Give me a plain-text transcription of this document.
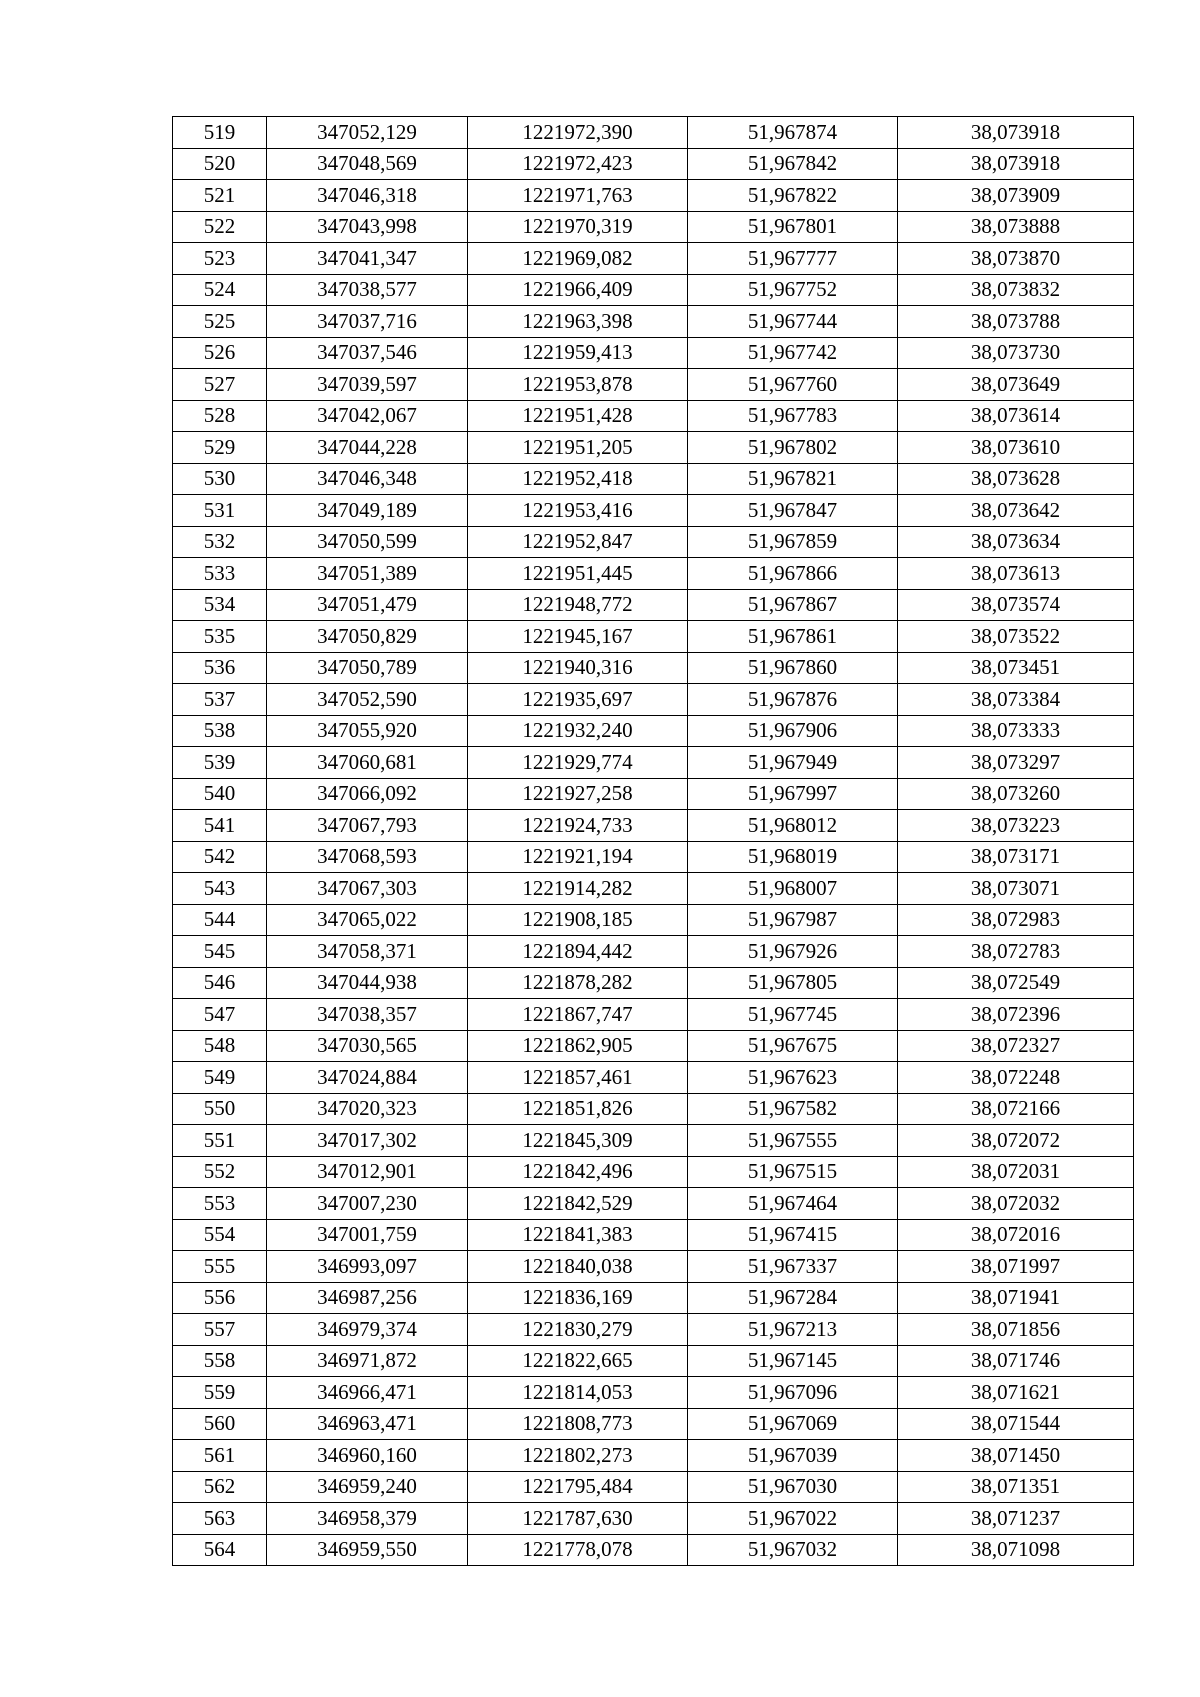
519	347052,129	1221972,390	51,967874	38,073918
520	347048,569	1221972,423	51,967842	38,073918
521	347046,318	1221971,763	51,967822	38,073909
522	347043,998	1221970,319	51,967801	38,073888
523	347041,347	1221969,082	51,967777	38,073870
524	347038,577	1221966,409	51,967752	38,073832
525	347037,716	1221963,398	51,967744	38,073788
526	347037,546	1221959,413	51,967742	38,073730
527	347039,597	1221953,878	51,967760	38,073649
528	347042,067	1221951,428	51,967783	38,073614
529	347044,228	1221951,205	51,967802	38,073610
530	347046,348	1221952,418	51,967821	38,073628
531	347049,189	1221953,416	51,967847	38,073642
532	347050,599	1221952,847	51,967859	38,073634
533	347051,389	1221951,445	51,967866	38,073613
534	347051,479	1221948,772	51,967867	38,073574
535	347050,829	1221945,167	51,967861	38,073522
536	347050,789	1221940,316	51,967860	38,073451
537	347052,590	1221935,697	51,967876	38,073384
538	347055,920	1221932,240	51,967906	38,073333
539	347060,681	1221929,774	51,967949	38,073297
540	347066,092	1221927,258	51,967997	38,073260
541	347067,793	1221924,733	51,968012	38,073223
542	347068,593	1221921,194	51,968019	38,073171
543	347067,303	1221914,282	51,968007	38,073071
544	347065,022	1221908,185	51,967987	38,072983
545	347058,371	1221894,442	51,967926	38,072783
546	347044,938	1221878,282	51,967805	38,072549
547	347038,357	1221867,747	51,967745	38,072396
548	347030,565	1221862,905	51,967675	38,072327
549	347024,884	1221857,461	51,967623	38,072248
550	347020,323	1221851,826	51,967582	38,072166
551	347017,302	1221845,309	51,967555	38,072072
552	347012,901	1221842,496	51,967515	38,072031
553	347007,230	1221842,529	51,967464	38,072032
554	347001,759	1221841,383	51,967415	38,072016
555	346993,097	1221840,038	51,967337	38,071997
556	346987,256	1221836,169	51,967284	38,071941
557	346979,374	1221830,279	51,967213	38,071856
558	346971,872	1221822,665	51,967145	38,071746
559	346966,471	1221814,053	51,967096	38,071621
560	346963,471	1221808,773	51,967069	38,071544
561	346960,160	1221802,273	51,967039	38,071450
562	346959,240	1221795,484	51,967030	38,071351
563	346958,379	1221787,630	51,967022	38,071237
564	346959,550	1221778,078	51,967032	38,071098
